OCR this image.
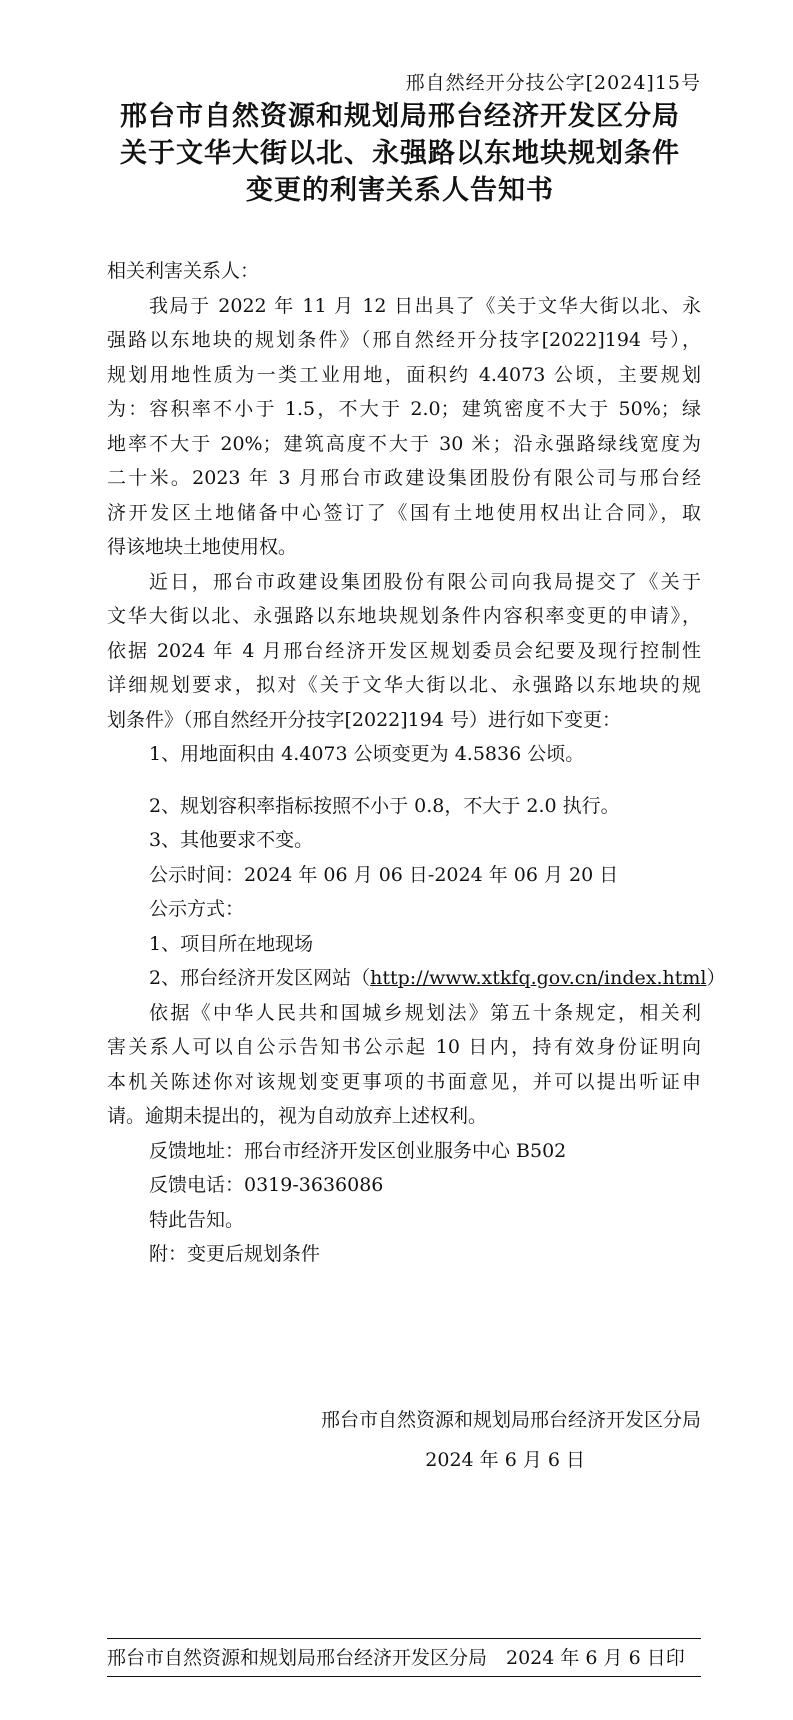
邢自然经开分技公字[2024]15号
邢台市自然资源和规划局邢台经济开发区分局
关于文华大街以北、永强路以东地块规划条件
变更的利害关系人告知书
相关利害关系人：
我局于 2022 年 11 月 12 日出具了《关于文华大街以北、永
强路以东地块的规划条件》（邢自然经开分技字[2022]194 号），
规划用地性质为一类工业用地，面积约 4.4073 公顷，主要规划
为：容积率不小于 1.5，不大于 2.0；建筑密度不大于 50%；绿
地率不大于 20%；建筑高度不大于 30 米；沿永强路绿线宽度为
二十米。2023 年 3 月邢台市政建设集团股份有限公司与邢台经
济开发区土地储备中心签订了《国有土地使用权出让合同》，取
得该地块土地使用权。
近日，邢台市政建设集团股份有限公司向我局提交了《关于
文华大街以北、永强路以东地块规划条件内容积率变更的申请》，
依据 2024 年 4 月邢台经济开发区规划委员会纪要及现行控制性
详细规划要求，拟对《关于文华大街以北、永强路以东地块的规
划条件》（邢自然经开分技字[2022]194 号）进行如下变更：
1、用地面积由 4.4073 公顷变更为 4.5836 公顷。
2、规划容积率指标按照不小于 0.8，不大于 2.0 执行。
3、其他要求不变。
公示时间：2024 年 06 月 06 日-2024 年 06 月 20 日
公示方式：
1、项目所在地现场
2、邢台经济开发区网站（http://www.xtkfq.gov.cn/index.html）
依据《中华人民共和国城乡规划法》第五十条规定，相关利
害关系人可以自公示告知书公示起 10 日内，持有效身份证明向
本机关陈述你对该规划变更事项的书面意见，并可以提出听证申
请。逾期未提出的，视为自动放弃上述权利。
反馈地址：邢台市经济开发区创业服务中心 B502
反馈电话：0319-3636086
特此告知。
附：变更后规划条件
邢台市自然资源和规划局邢台经济开发区分局
2024 年 6 月 6 日
邢台市自然资源和规划局邢台经济开发区分局　2024 年 6 月 6 日印
